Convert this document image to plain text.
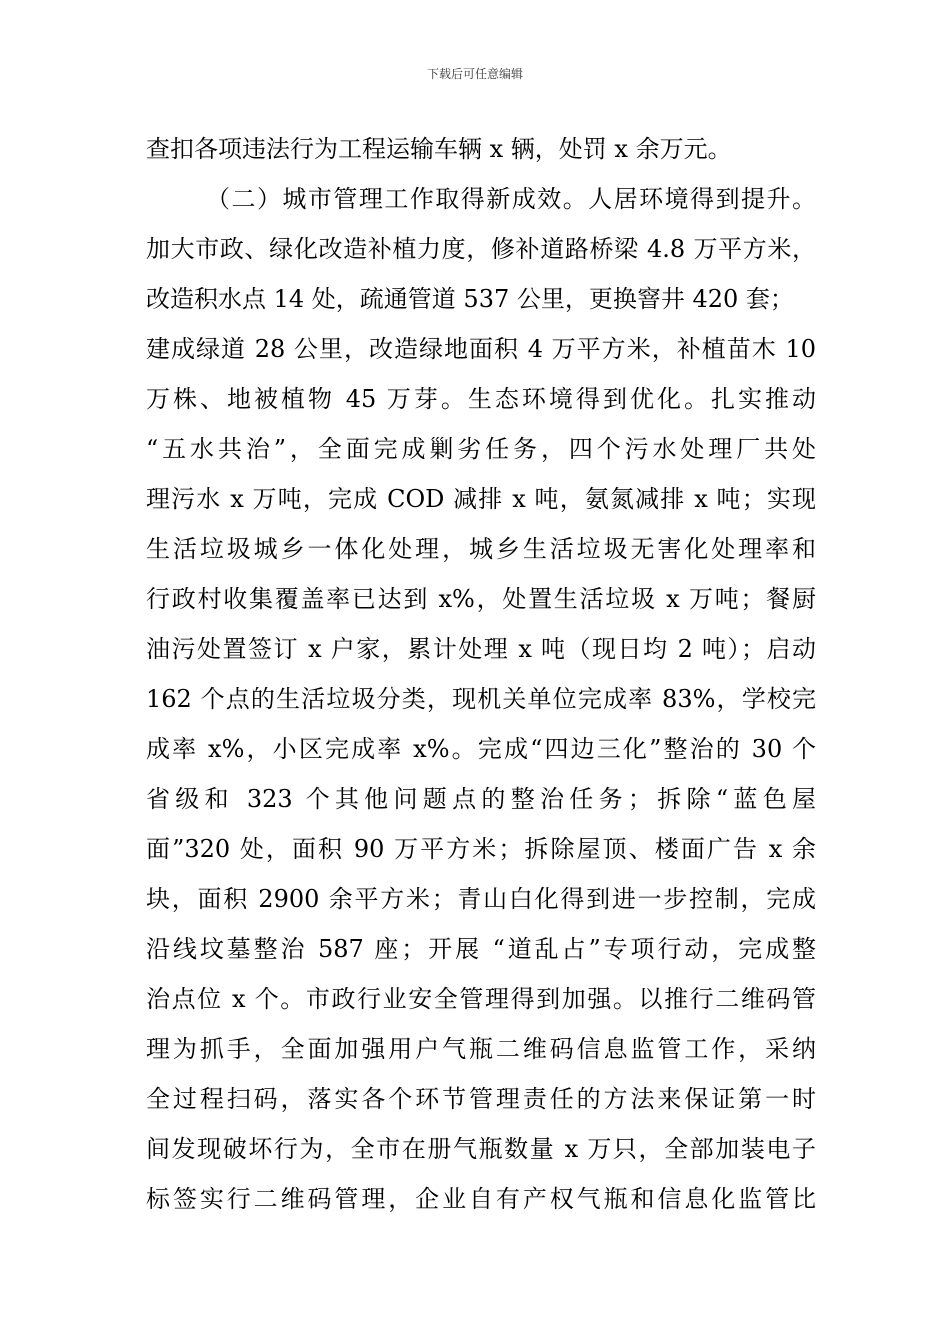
下载后可任意编辑
查扣各项违法行为工程运输车辆 x 辆，处罚 x 余万元。
（二）城市管理工作取得新成效。人居环境得到提升。
加大市政、绿化改造补植力度，修补道路桥梁 4.8 万平方米，
改造积水点 14 处，疏通管道 537 公里，更换窨井 420 套；
建成绿道 28 公里，改造绿地面积 4 万平方米，补植苗木 10
万株、地被植物 45 万芽。生态环境得到优化。扎实推动
“五水共治”，全面完成剿劣任务，四个污水处理厂共处
理污水 x 万吨，完成 COD 减排 x 吨，氨氮减排 x 吨；实现
生活垃圾城乡一体化处理，城乡生活垃圾无害化处理率和
行政村收集覆盖率已达到 x%，处置生活垃圾 x 万吨；餐厨
油污处置签订 x 户家，累计处理 x 吨（现日均 2 吨）；启动
162 个点的生活垃圾分类，现机关单位完成率 83%，学校完
成率 x%，小区完成率 x%。完成“四边三化”整治的 30 个
省级和 323 个其他问题点的整治任务；拆除“蓝色屋
面”320 处，面积 90 万平方米；拆除屋顶、楼面广告 x 余
块，面积 2900 余平方米；青山白化得到进一步控制，完成
沿线坟墓整治 587 座；开展 “道乱占”专项行动，完成整
治点位 x 个。市政行业安全管理得到加强。以推行二维码管
理为抓手，全面加强用户气瓶二维码信息监管工作，采纳
全过程扫码，落实各个环节管理责任的方法来保证第一时
间发现破坏行为，全市在册气瓶数量 x 万只，全部加装电子
标签实行二维码管理，企业自有产权气瓶和信息化监管比
